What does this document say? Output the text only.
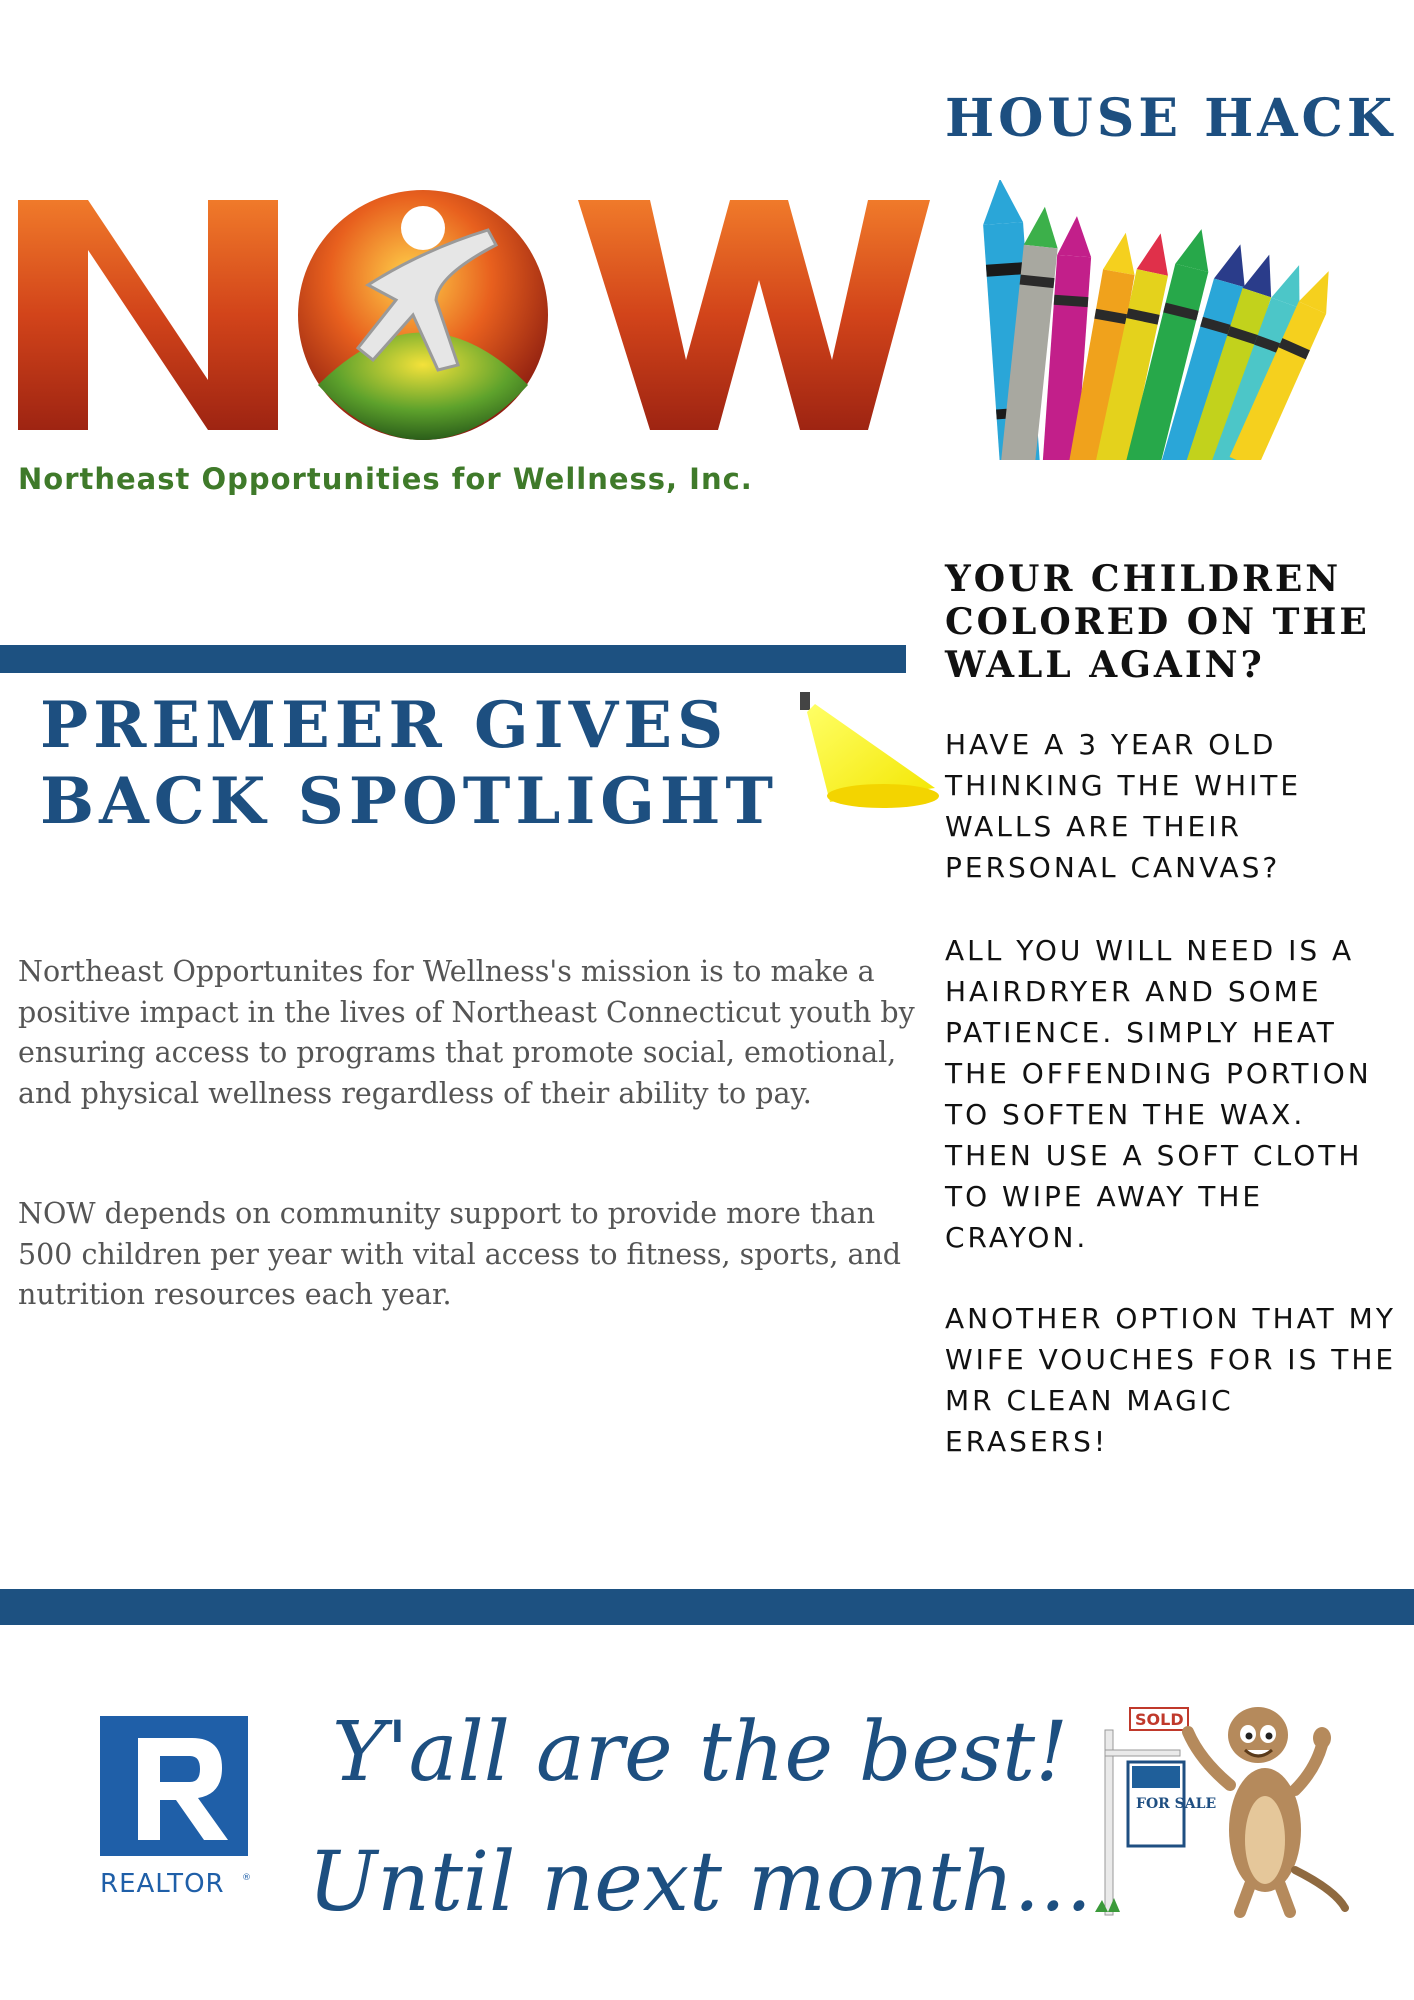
Northeast Opportunities for Wellness, Inc.
HOUSE HACK
YOUR CHILDREN COLORED ON THE WALL AGAIN?
HAVE A 3 YEAR OLD THINKING THE WHITE WALLS ARE THEIR PERSONAL CANVAS?
ALL YOU WILL NEED IS A HAIRDRYER AND SOME PATIENCE. SIMPLY HEAT THE OFFENDING PORTION TO SOFTEN THE WAX. THEN USE A SOFT CLOTH TO WIPE AWAY THE CRAYON.
ANOTHER OPTION THAT MY WIFE VOUCHES FOR IS THE MR CLEAN MAGIC ERASERS!
PREMEER GIVES BACK SPOTLIGHT
Northeast Opportunites for Wellness's mission is to make a positive impact in the lives of Northeast Connecticut youth by ensuring access to programs that promote social, emotional, and physical wellness regardless of their ability to pay.
NOW depends on community support to provide more than 500 children per year with vital access to fitness, sports, and nutrition resources each year.
REALTOR ®
Y'all are the best!
Until next month...
SOLD
FOR SALE
